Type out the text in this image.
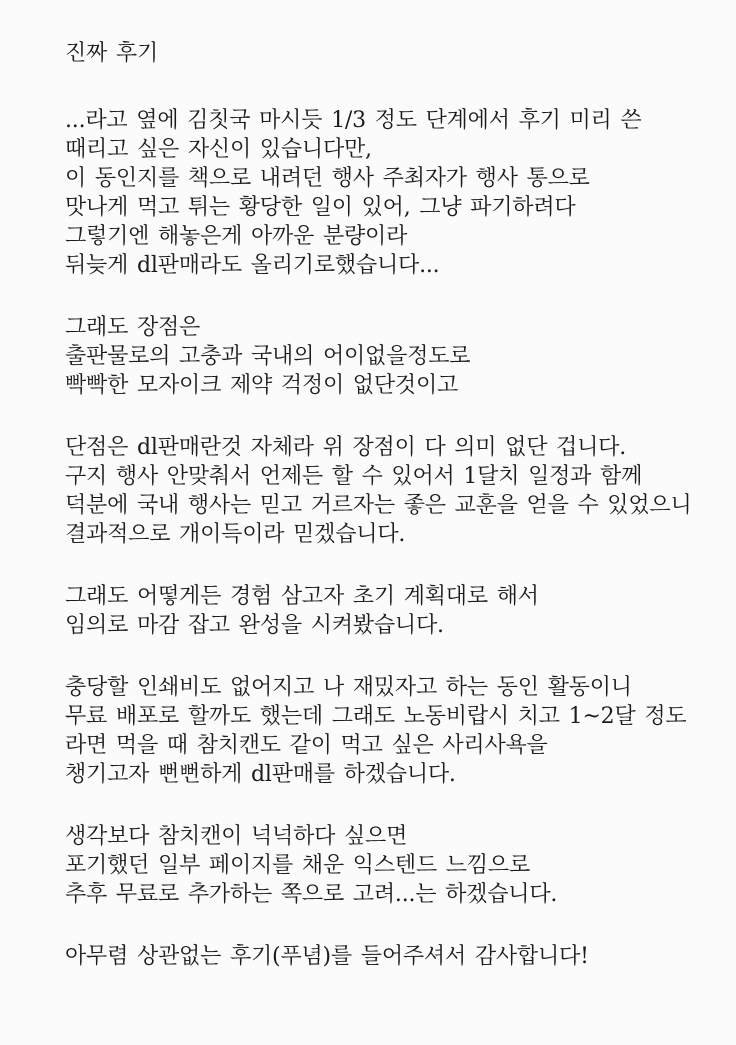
진짜 후기
...라고 옆에 김칫국 마시듯 1/3 정도 단계에서 후기 미리 쓴
때리고 싶은 자신이 있습니다만,
이 동인지를 책으로 내려던 행사 주최자가 행사 통으로
맛나게 먹고 튀는 황당한 일이 있어, 그냥 파기하려다
그렇기엔 해놓은게 아까운 분량이라
뒤늦게 dl판매라도 올리기로했습니다...
그래도 장점은
출판물로의 고충과 국내의 어이없을정도로
빡빡한 모자이크 제약 걱정이 없단것이고
단점은 dl판매란것 자체라 위 장점이 다 의미 없단 겁니다.
구지 행사 안맞춰서 언제든 할 수 있어서 1달치 일정과 함께
덕분에 국내 행사는 믿고 거르자는 좋은 교훈을 얻을 수 있었으니
결과적으로 개이득이라 믿겠습니다.
그래도 어떻게든 경험 삼고자 초기 계획대로 해서
임의로 마감 잡고 완성을 시켜봤습니다.
충당할 인쇄비도 없어지고 나 재밌자고 하는 동인 활동이니
무료 배포로 할까도 했는데 그래도 노동비랍시 치고 1~2달 정도
라면 먹을 때 참치캔도 같이 먹고 싶은 사리사욕을
챙기고자 뻔뻔하게 dl판매를 하겠습니다.
생각보다 참치캔이 넉넉하다 싶으면
포기했던 일부 페이지를 채운 익스텐드 느낌으로
추후 무료로 추가하는 쪽으로 고려...는 하겠습니다.
아무렴 상관없는 후기(푸념)를 들어주셔서 감사합니다!
